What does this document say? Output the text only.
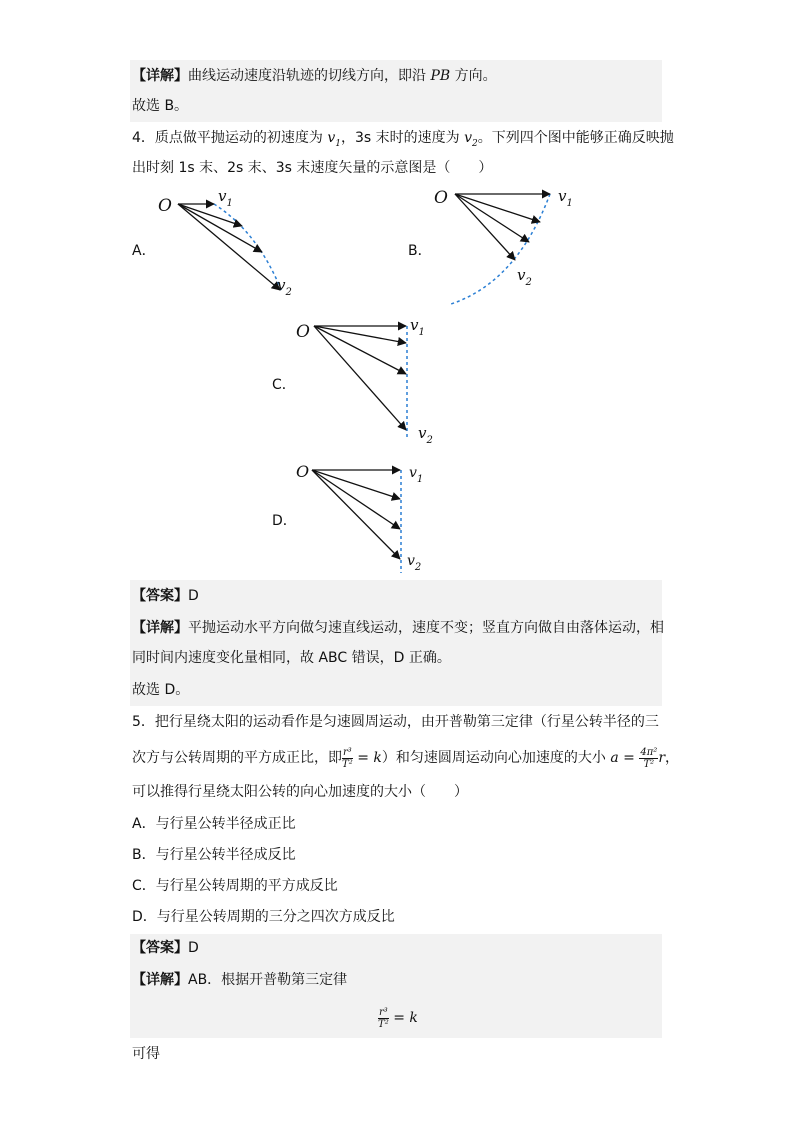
【详解】曲线运动速度沿轨迹的切线方向，即沿 PB 方向。
故选 B。
4．质点做平抛运动的初速度为 $v_1$，3s 末时的速度为 $v_2$。下列四个图中能够正确反映抛
出时刻 1s 末、2s 末、3s 末速度矢量的示意图是（　　）
A．	B．
C．
D．
O	$v_1$
$v_2$
O	$v_1$
$v_2$
O	$v_1$
$v_2$
O	$v_1$
$v_2$
【答案】D
【详解】平抛运动水平方向做匀速直线运动，速度不变；竖直方向做自由落体运动，相
同时间内速度变化量相同，故 ABC 错误，D 正确。
故选 D。
5．把行星绕太阳的运动看作是匀速圆周运动，由开普勒第三定律（行星公转半径的三
次方与公转周期的平方成正比，即 $\frac{\text{r³}}{\text{T²}} = k$）和匀速圆周运动向心加速度的大小 $a = \frac{\text{4π²}}{\text{T²}}$ r，
可以推得行星绕太阳公转的向心加速度的大小（　　）
A．与行星公转半径成正比
B．与行星公转半径成反比
C．与行星公转周期的平方成反比
D．与行星公转周期的三分之四次方成反比
【答案】D
【详解】AB．根据开普勒第三定律
$\frac{\text{r³}}{\text{T²}} = k$
可得
